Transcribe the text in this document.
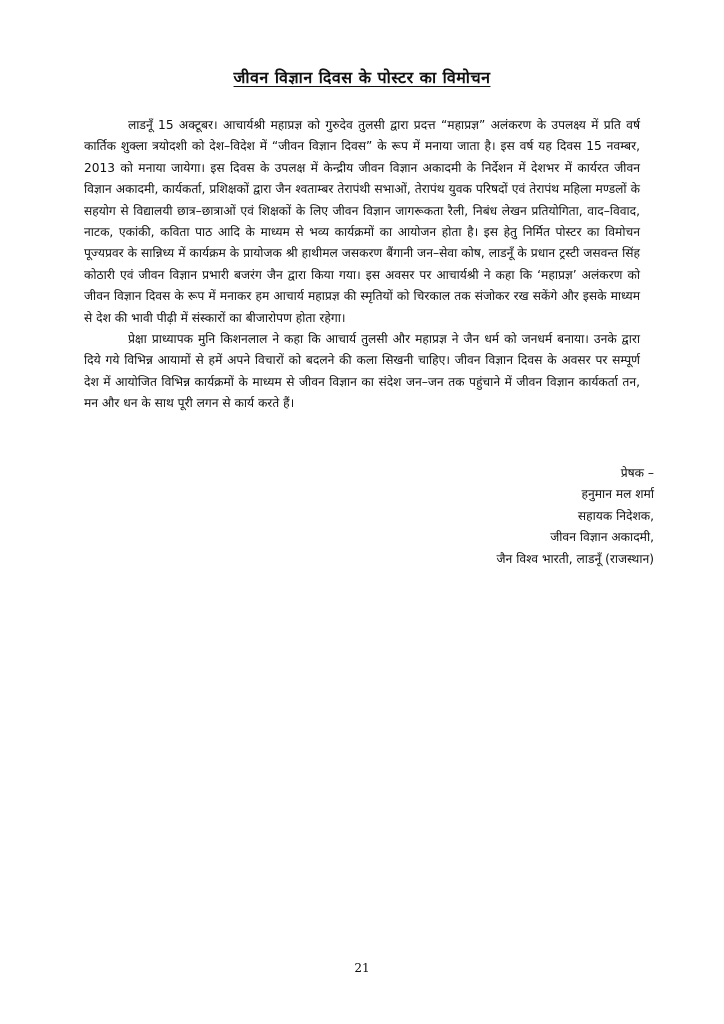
जीवन विज्ञान दिवस के पोस्टर का विमोचन

लाडनूँ 15 अक्टूबर। आचार्यश्री महाप्रज्ञ को गुरुदेव तुलसी द्वारा प्रदत्त “महाप्रज्ञ” अलंकरण के उपलक्ष्य में प्रति वर्ष कार्तिक शुक्ला त्रयोदशी को देश–विदेश में “जीवन विज्ञान दिवस” के रूप में मनाया जाता है। इस वर्ष यह दिवस 15 नवम्बर, 2013 को मनाया जायेगा। इस दिवस के उपलक्ष में केन्द्रीय जीवन विज्ञान अकादमी के निर्देशन में देशभर में कार्यरत जीवन विज्ञान अकादमी, कार्यकर्ता, प्रशिक्षकों द्वारा जैन श्वताम्बर तेरापंथी सभाओं, तेरापंथ युवक परिषदों एवं तेरापंथ महिला मण्डलों के सहयोग से विद्यालयी छात्र–छात्राओं एवं शिक्षकों के लिए जीवन विज्ञान जागरूकता रैली, निबंध लेखन प्रतियोगिता, वाद–विवाद, नाटक, एकांकी, कविता पाठ आदि के माध्यम से भव्य कार्यक्रमों का आयोजन होता है। इस हेतु निर्मित पोस्टर का विमोचन पूज्यप्रवर के सान्निध्य में कार्यक्रम के प्रायोजक श्री हाथीमल जसकरण बैंगानी जन–सेवा कोष, लाडनूँ के प्रधान ट्रस्टी जसवन्त सिंह कोठारी एवं जीवन विज्ञान प्रभारी बजरंग जैन द्वारा किया गया। इस अवसर पर आचार्यश्री ने कहा कि ‘महाप्रज्ञ’ अलंकरण को जीवन विज्ञान दिवस के रूप में मनाकर हम आचार्य महाप्रज्ञ की स्मृतियों को चिरकाल तक संजोकर रख सकेंगे और इसके माध्यम से देश की भावी पीढ़ी में संस्कारों का बीजारोपण होता रहेगा।

प्रेक्षा प्राध्यापक मुनि किशनलाल ने कहा कि आचार्य तुलसी और महाप्रज्ञ ने जैन धर्म को जनधर्म बनाया। उनके द्वारा दिये गये विभिन्न आयामों से हमें अपने विचारों को बदलने की कला सिखनी चाहिए। जीवन विज्ञान दिवस के अवसर पर सम्पूर्ण देश में आयोजित विभिन्न कार्यक्रमों के माध्यम से जीवन विज्ञान का संदेश जन–जन तक पहुंचाने में जीवन विज्ञान कार्यकर्ता तन, मन और धन के साथ पूरी लगन से कार्य करते हैं।

प्रेषक –
हनुमान मल शर्मा
सहायक निदेशक,
जीवन विज्ञान अकादमी,
जैन विश्व भारती, लाडनूँ (राजस्थान)
21
